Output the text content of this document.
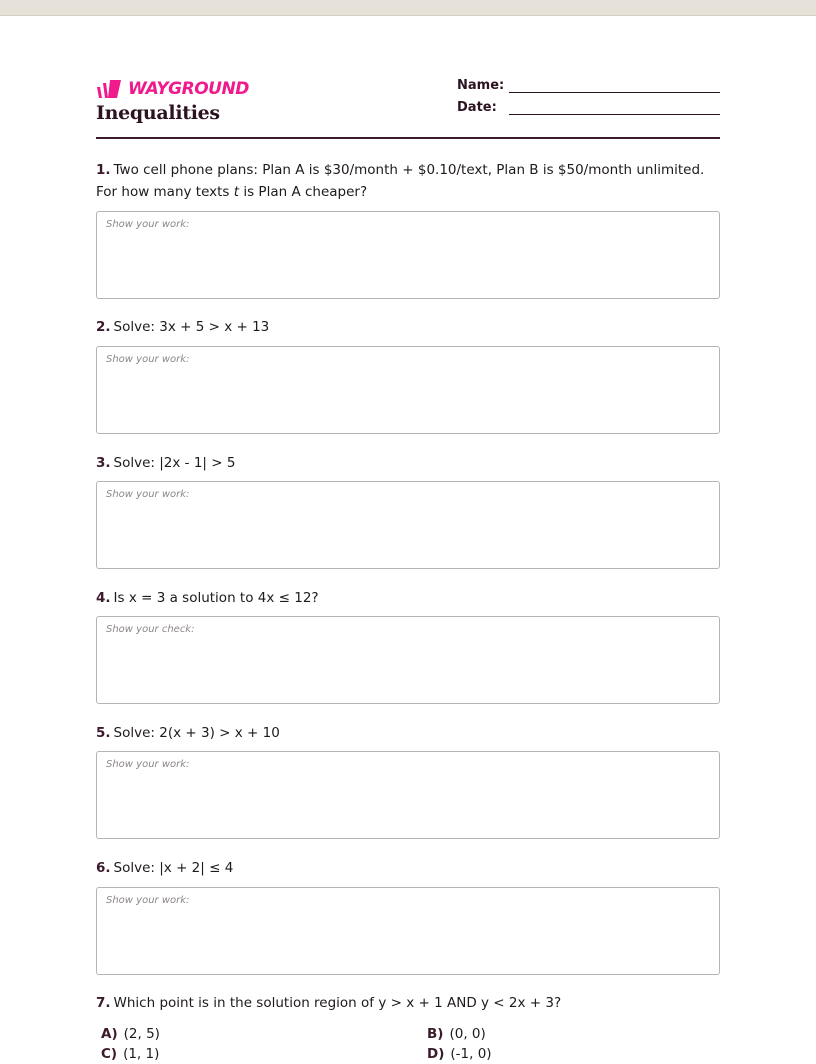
WAYGROUND
Inequalities
Name:
Date:
1. Two cell phone plans: Plan A is $30/month + $0.10/text, Plan B is $50/month unlimited. For how many texts t is Plan A cheaper?
Show your work:
2. Solve: 3x + 5 > x + 13
Show your work:
3. Solve: |2x - 1| > 5
Show your work:
4. Is x = 3 a solution to 4x ≤ 12?
Show your check:
5. Solve: 2(x + 3) > x + 10
Show your work:
6. Solve: |x + 2| ≤ 4
Show your work:
7. Which point is in the solution region of y > x + 1 AND y < 2x + 3?
A) (2, 5)	B) (0, 0)
C) (1, 1)	D) (-1, 0)
